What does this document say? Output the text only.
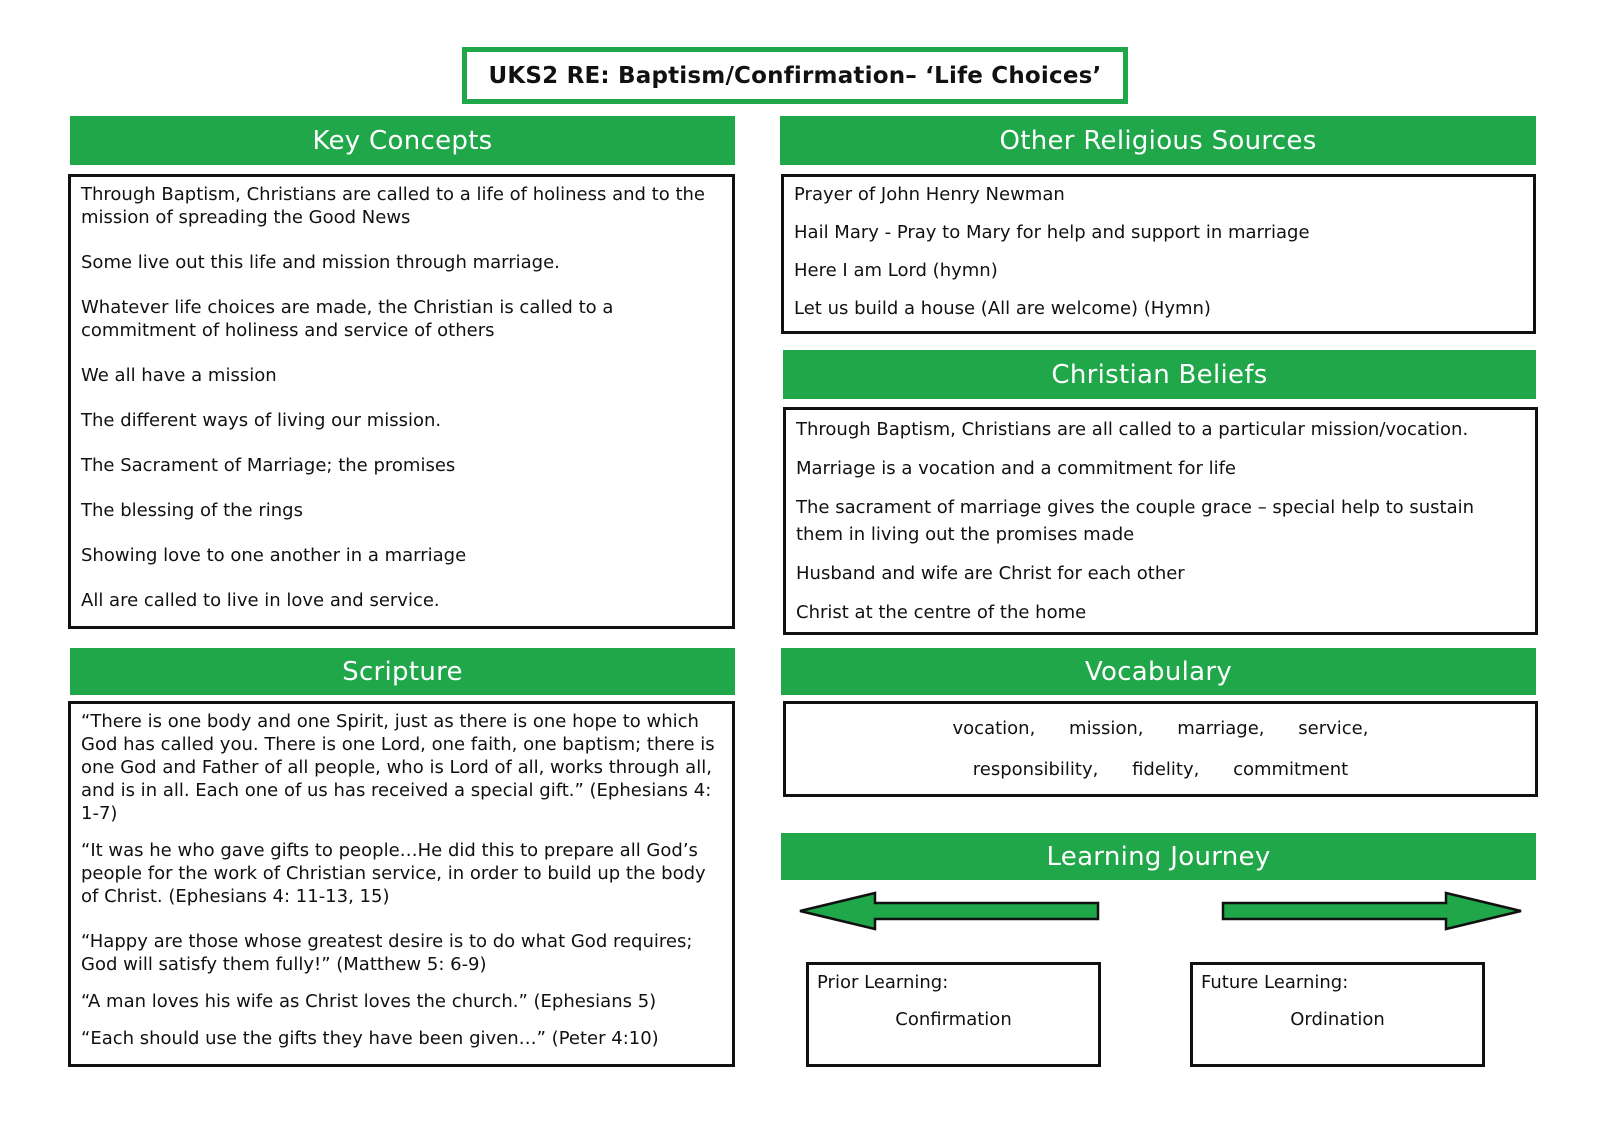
UKS2 RE: Baptism/Confirmation– ‘Life Choices’
Key Concepts

Through Baptism, Christians are called to a life of holiness and to the mission of spreading the Good News

Some live out this life and mission through marriage.

Whatever life choices are made, the Christian is called to a commitment of holiness and service of others

We all have a mission

The different ways of living our mission.

The Sacrament of Marriage; the promises

The blessing of the rings

Showing love to one another in a marriage

All are called to live in love and service.

Other Religious Sources

Prayer of John Henry Newman

Hail Mary - Pray to Mary for help and support in marriage

Here I am Lord (hymn)

Let us build a house (All are welcome) (Hymn)

Christian Beliefs

Through Baptism, Christians are all called to a particular mission/vocation.

Marriage is a vocation and a commitment for life

The sacrament of marriage gives the couple grace – special help to sustain them in living out the promises made

Husband and wife are Christ for each other

Christ at the centre of the home

Scripture

“There is one body and one Spirit, just as there is one hope to which God has called you. There is one Lord, one faith, one baptism; there is one God and Father of all people, who is Lord of all, works through all, and is in all. Each one of us has received a special gift.” (Ephesians 4: 1-7)

“It was he who gave gifts to people…He did this to prepare all God’s people for the work of Christian service, in order to build up the body of Christ. (Ephesians 4: 11-13, 15)

“Happy are those whose greatest desire is to do what God requires; God will satisfy them fully!” (Matthew 5: 6-9)

“A man loves his wife as Christ loves the church.” (Ephesians 5)

“Each should use the gifts they have been given…” (Peter 4:10)

Vocabulary
vocation, mission, marriage, service,
responsibility, fidelity, commitment
Learning Journey
Prior Learning:
Confirmation
Future Learning:
Ordination
